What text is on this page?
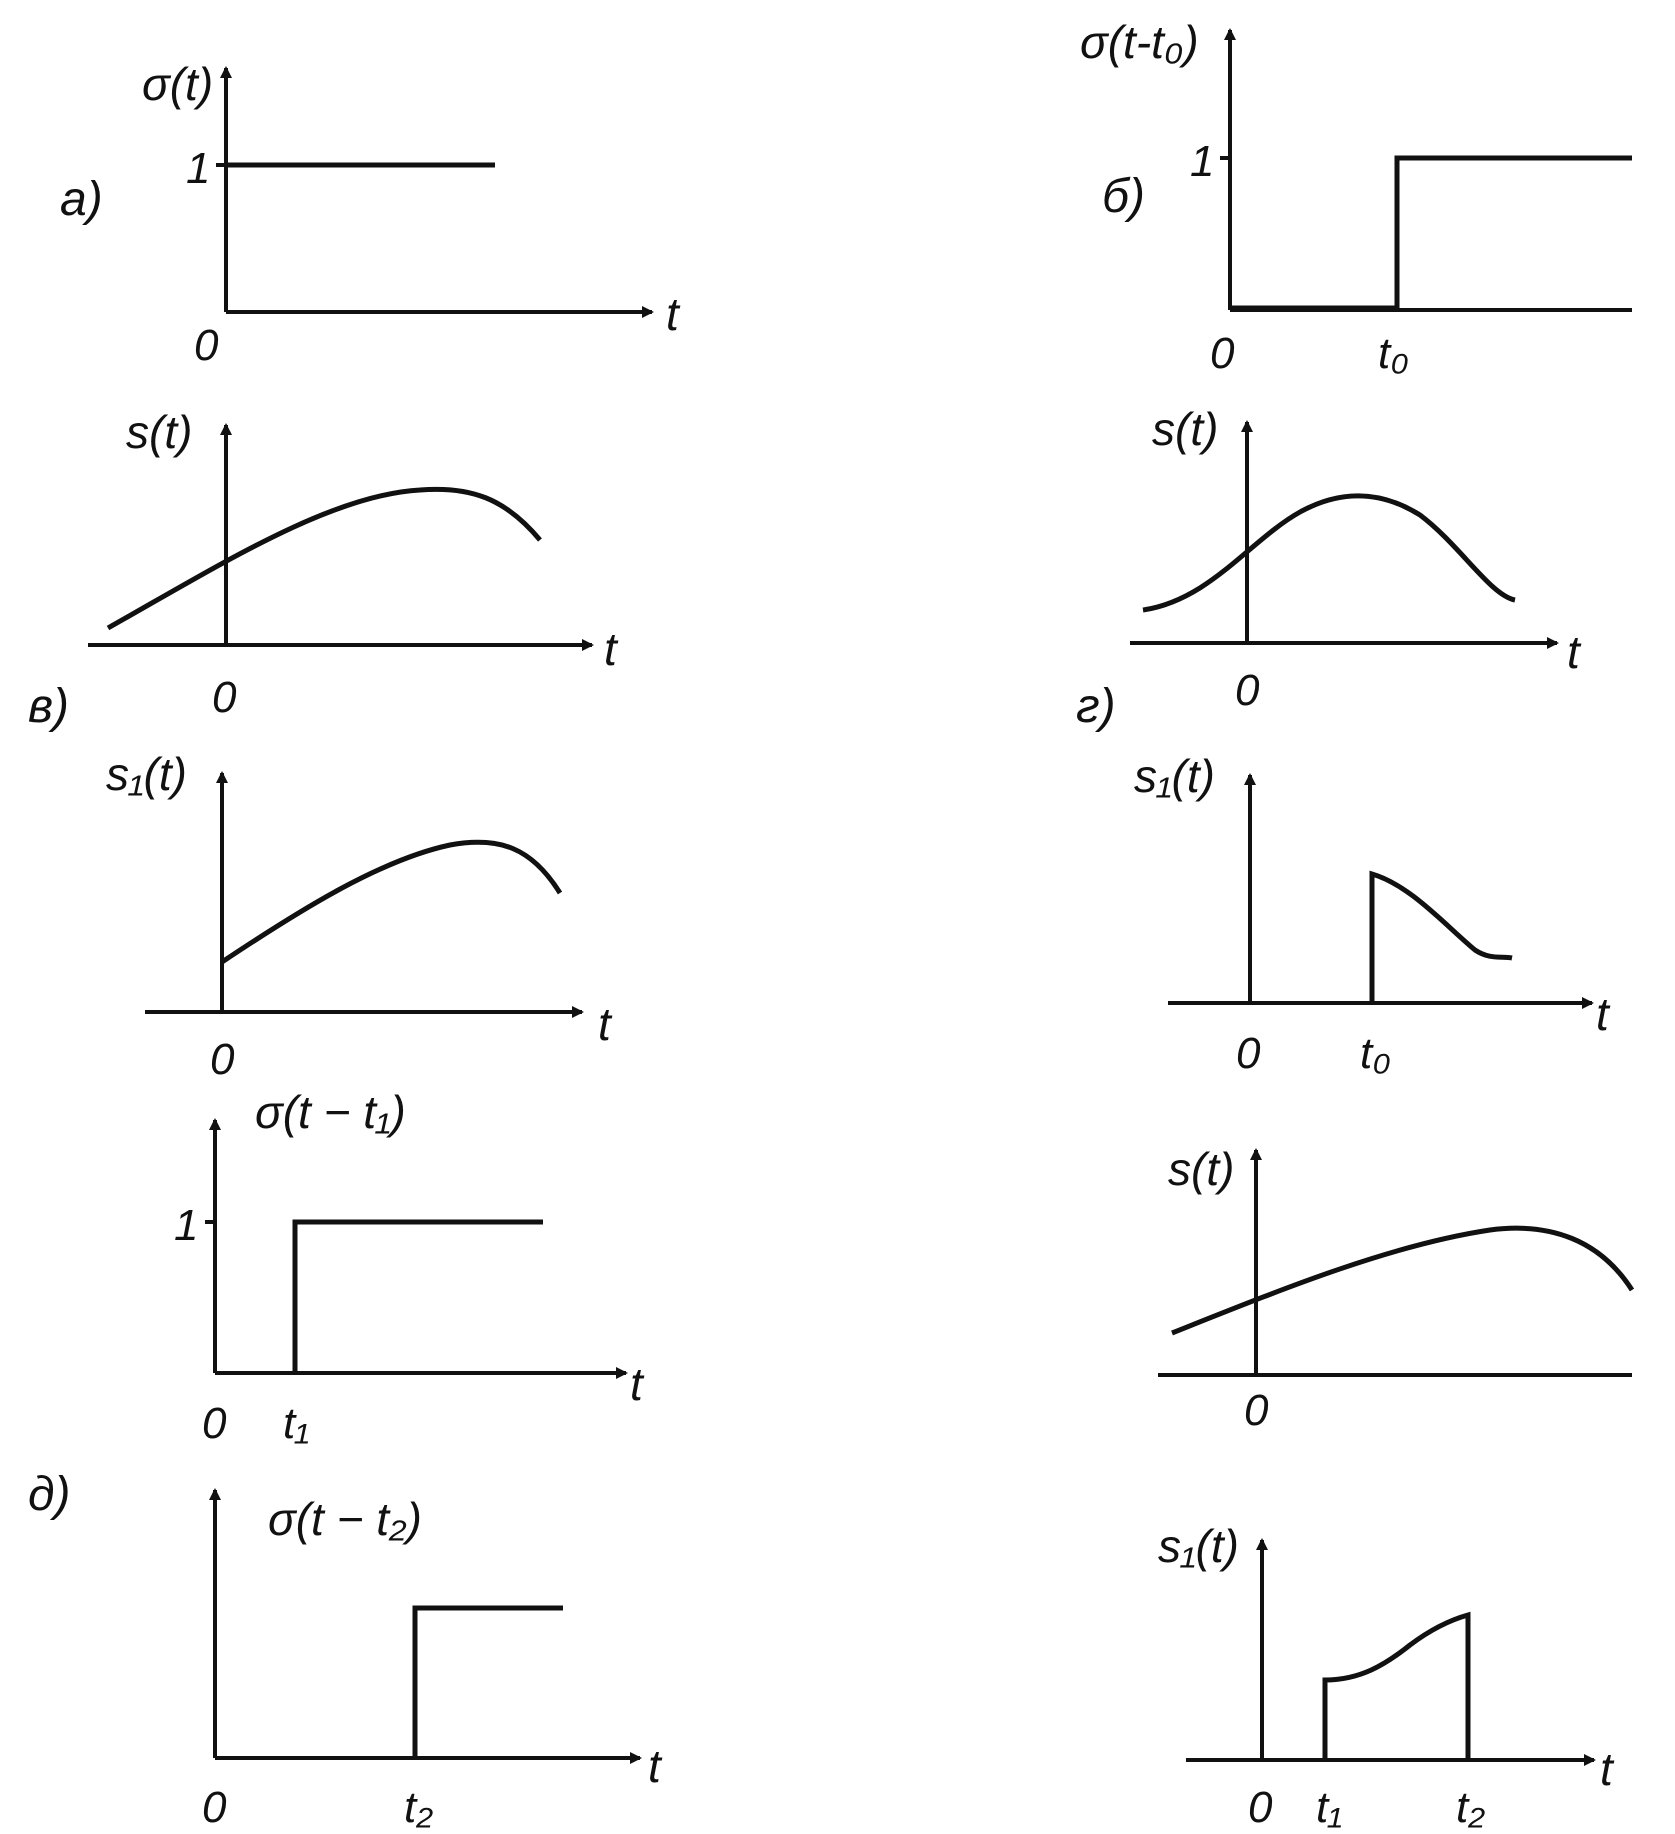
σ(t)
1
0
t
а)
σ(t-t₀)
1
0	t₀
б)
s(t)
0
t
в)
s(t)
0
t
г)
s₁(t)
0
t
s₁(t)
0 t₀
t
σ(t − t₁)
1
0 t₁
t
s(t)
0
σ(t − t₂)
0	t₂
t
д)
s₁(t)
0 t₁	t₂
t
